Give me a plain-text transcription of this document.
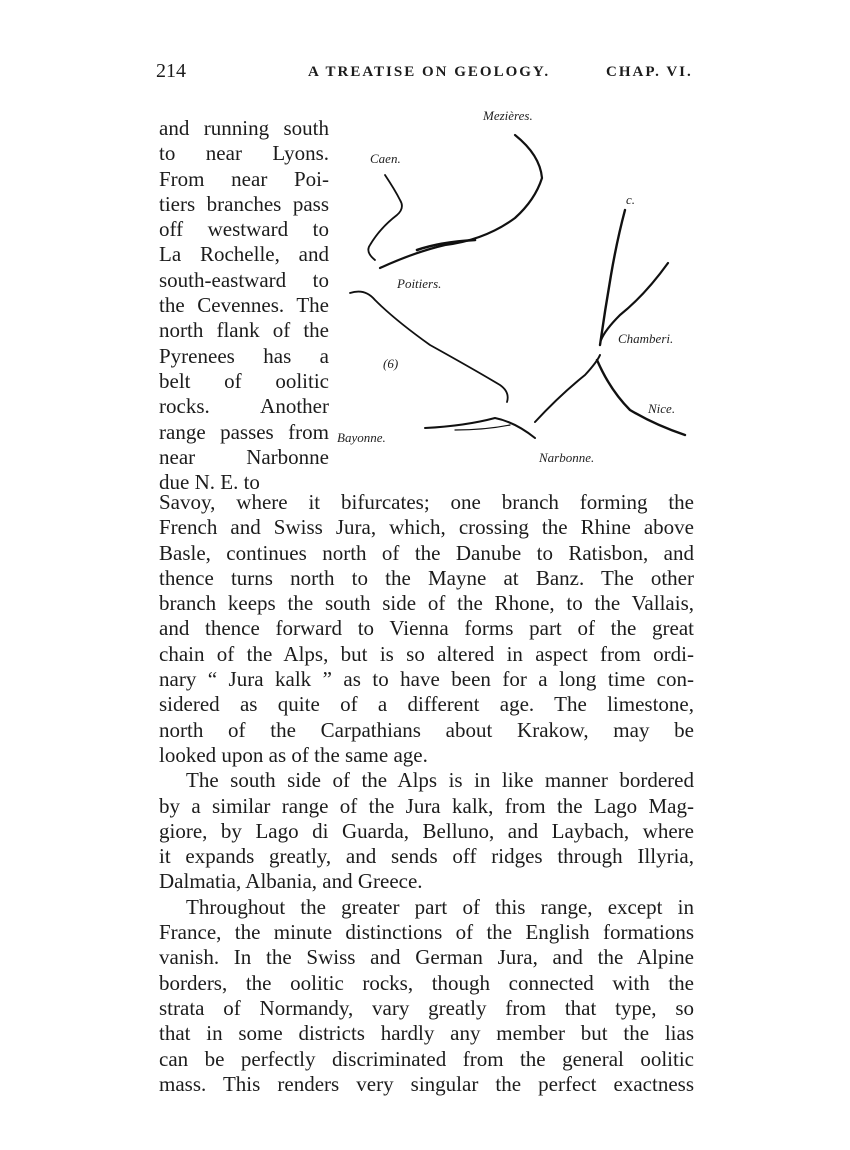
214	A TREATISE ON GEOLOGY.	CHAP. VI.
and running south
to near Lyons.
From near Poi-
tiers branches pass
off westward to
La Rochelle, and
south-eastward to
the Cevennes. The
north flank of the
Pyrenees has a
belt of oolitic
rocks. Another
range passes from
near Narbonne
due N. E. to
Mezières.
Caen.
c.
Poitiers.
Chamberi.
(6)
Nice.
Bayonne.
Narbonne.
Savoy, where it bifurcates; one branch forming the
French and Swiss Jura, which, crossing the Rhine above
Basle, continues north of the Danube to Ratisbon, and
thence turns north to the Mayne at Banz. The other
branch keeps the south side of the Rhone, to the Vallais,
and thence forward to Vienna forms part of the great
chain of the Alps, but is so altered in aspect from ordi-
nary “ Jura kalk ” as to have been for a long time con-
sidered as quite of a different age. The limestone,
north of the Carpathians about Krakow, may be
looked upon as of the same age.
The south side of the Alps is in like manner bordered
by a similar range of the Jura kalk, from the Lago Mag-
giore, by Lago di Guarda, Belluno, and Laybach, where
it expands greatly, and sends off ridges through Illyria,
Dalmatia, Albania, and Greece.
Throughout the greater part of this range, except in
France, the minute distinctions of the English formations
vanish. In the Swiss and German Jura, and the Alpine
borders, the oolitic rocks, though connected with the
strata of Normandy, vary greatly from that type, so
that in some districts hardly any member but the lias
can be perfectly discriminated from the general oolitic
mass. This renders very singular the perfect exactness
